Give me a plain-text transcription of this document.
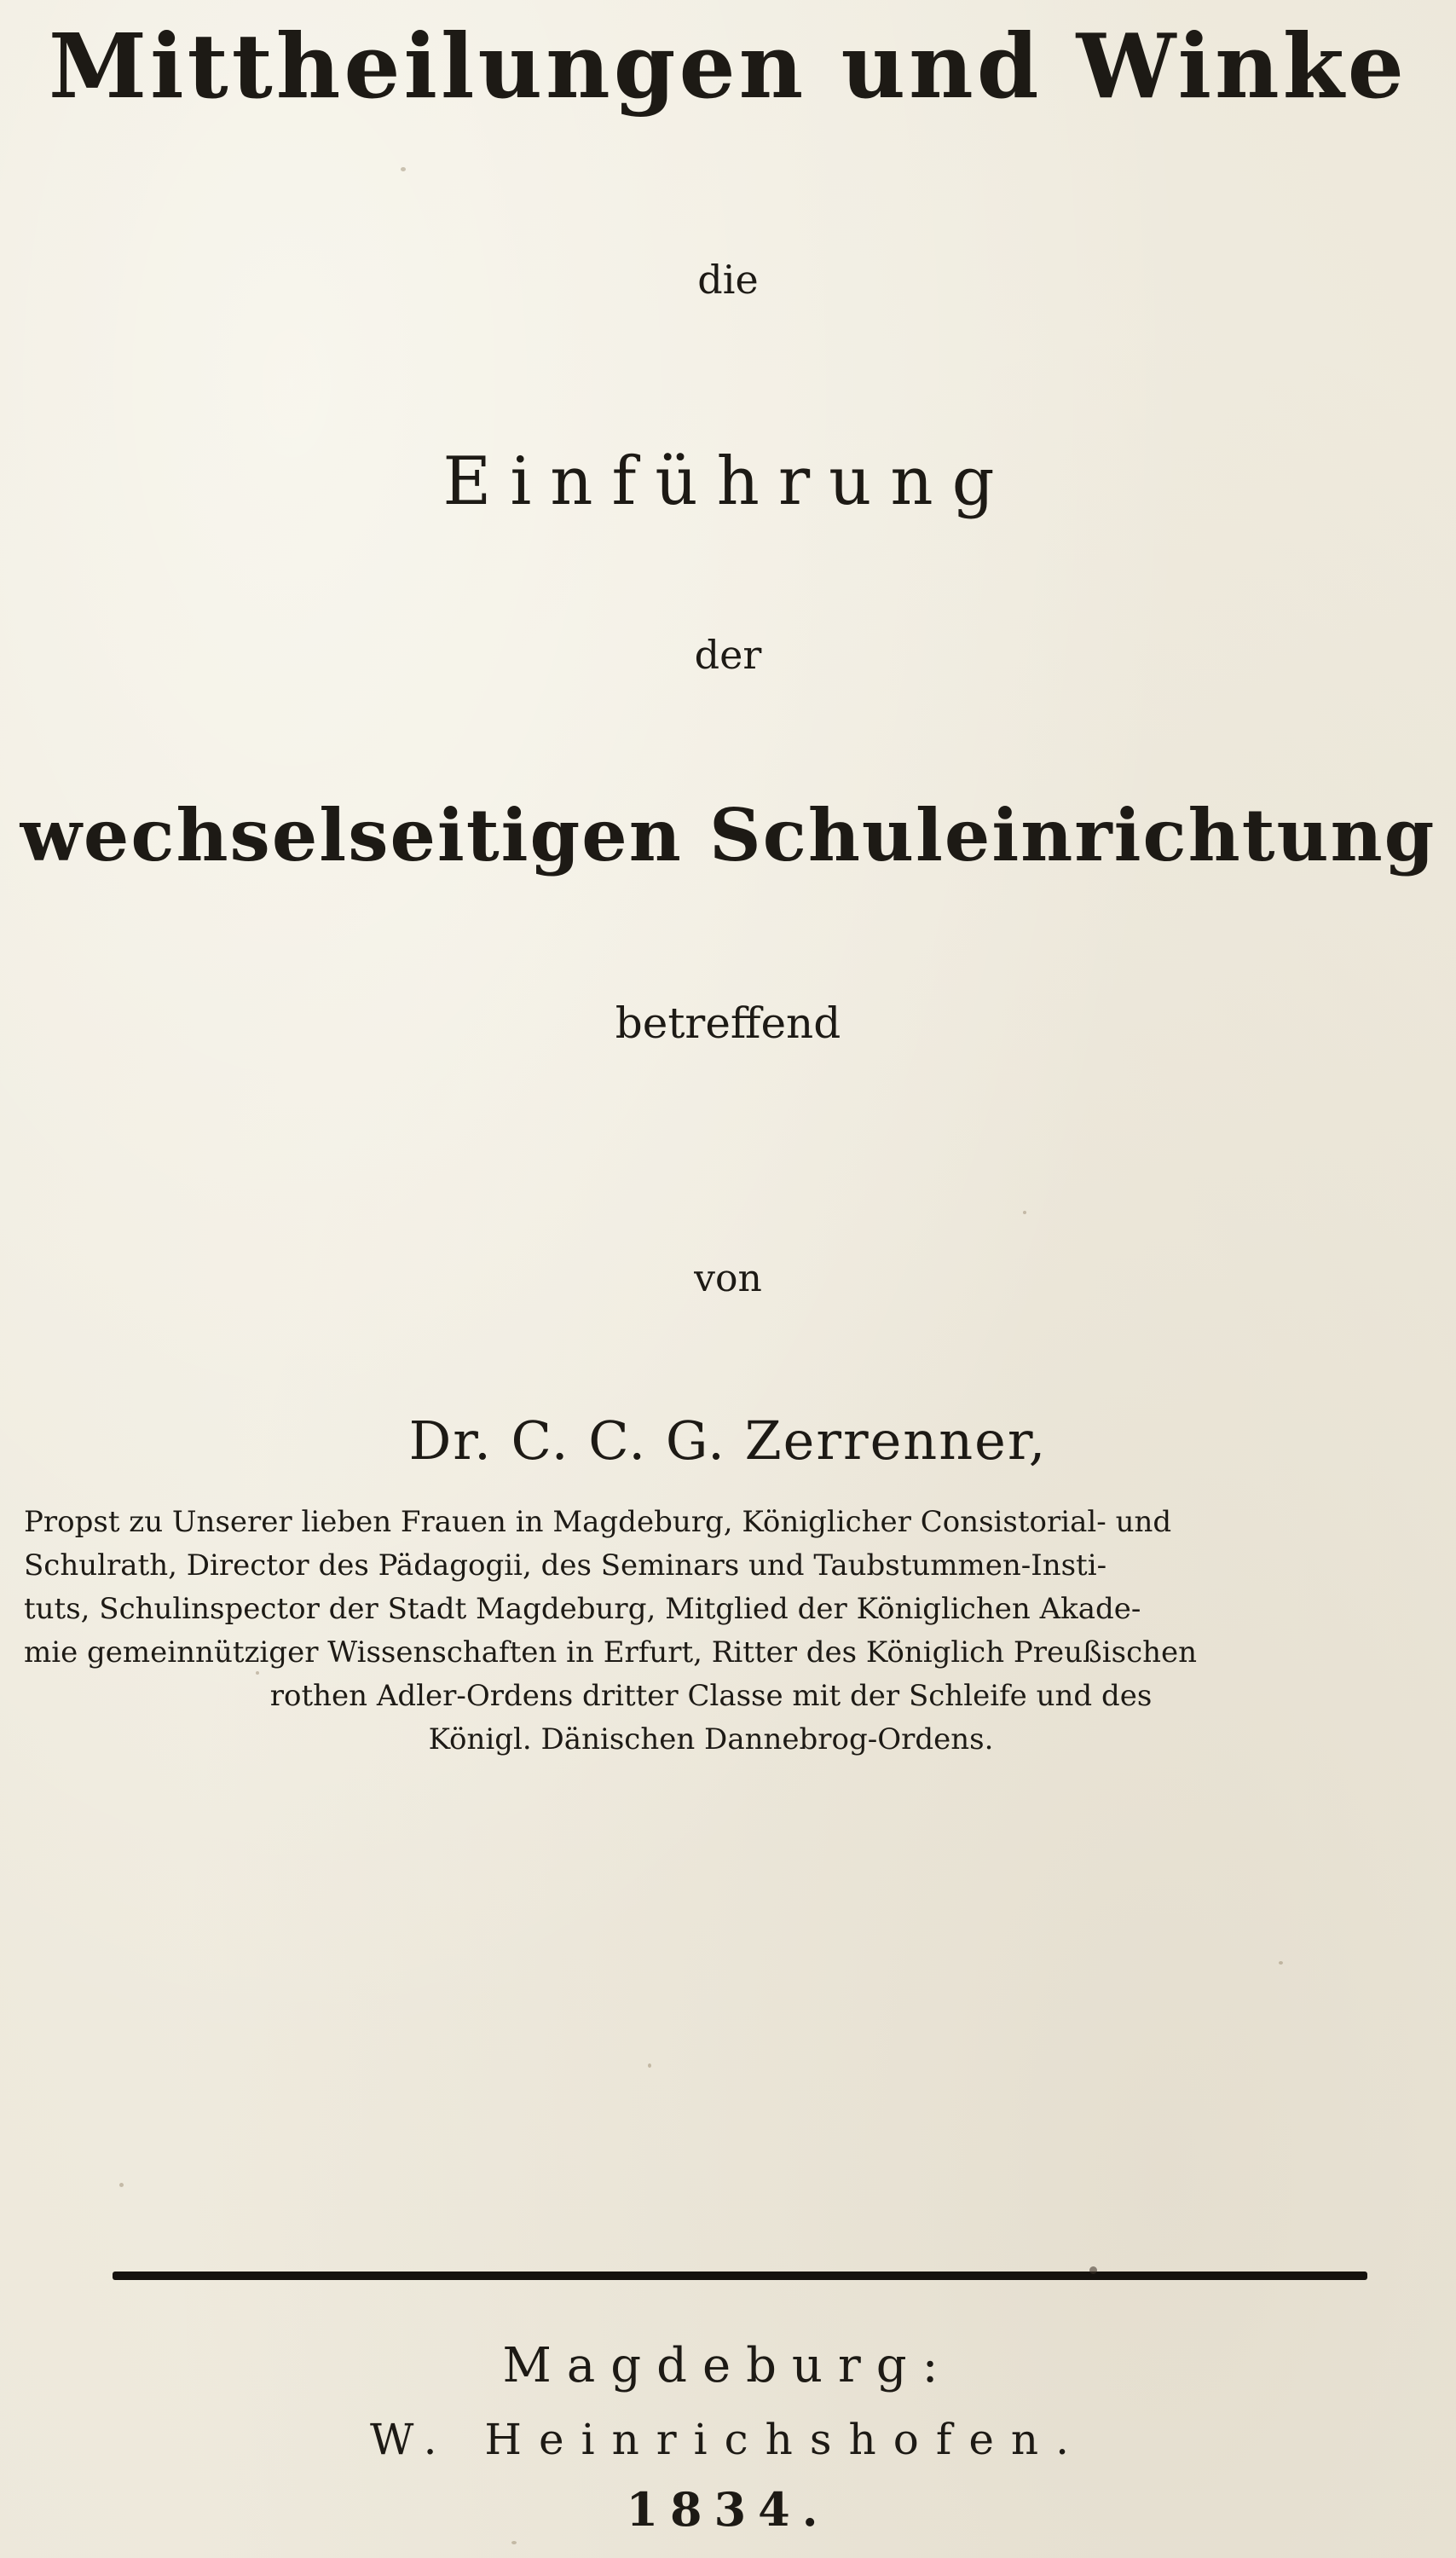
Mittheilungen und Winke
die
Einführung
der
wechselseitigen Schuleinrichtung
betreffend
von
Dr. C. C. G. Zerrenner,
Propst zu Unserer lieben Frauen in Magdeburg, Königlicher Consistorial- und
Schulrath, Director des Pädagogii, des Seminars und Taubstummen-Insti-
tuts, Schulinspector der Stadt Magdeburg, Mitglied der Königlichen Akade-
mie gemeinnütziger Wissenschaften in Erfurt, Ritter des Königlich Preußischen
rothen Adler-Ordens dritter Classe mit der Schleife und des
Königl. Dänischen Dannebrog-Ordens.
Magdeburg:
W. Heinrichshofen.
1834.
